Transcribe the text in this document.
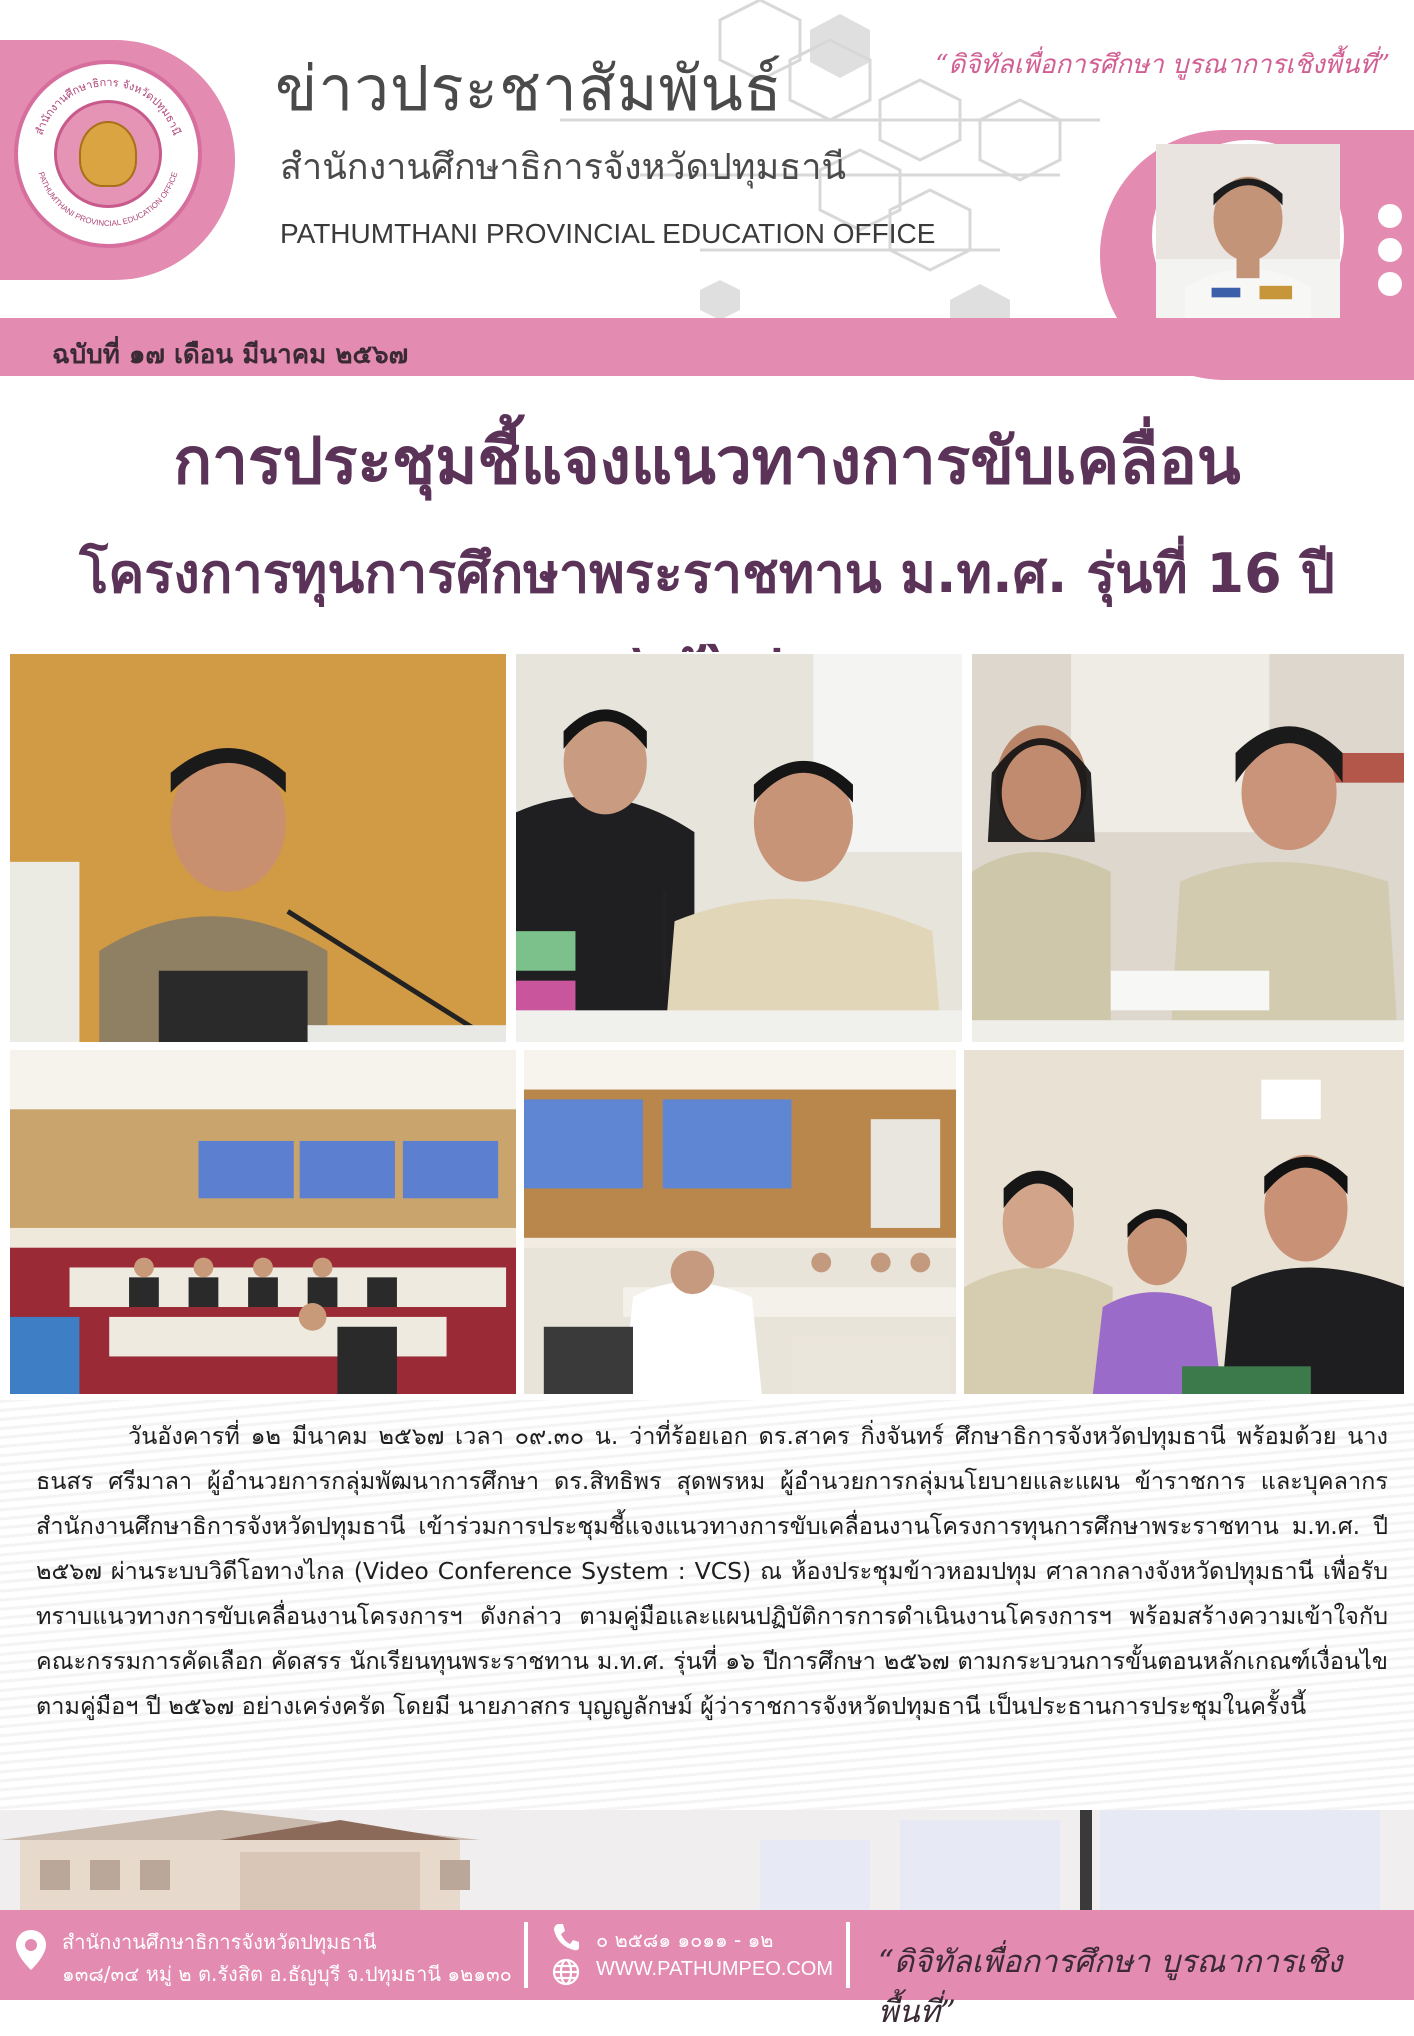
สำนักงานศึกษาธิการ จังหวัดปทุมธานี
PATHUMTHANI PROVINCIAL EDUCATION OFFICE
ข่าวประชาสัมพันธ์
สำนักงานศึกษาธิการจังหวัดปทุมธานี
PATHUMTHANI PROVINCIAL EDUCATION OFFICE
“ดิจิทัลเพื่อการศึกษา บูรณาการเชิงพื้นที่”
ฉบับที่ ๑๗ เดือน มีนาคม ๒๕๖๗
การประชุมชี้แจงแนวทางการขับเคลื่อน
โครงการทุนการศึกษาพระราชทาน ม.ท.ศ. รุ่นที่ 16 ปี

วันอังคารที่ ๑๒ มีนาคม ๒๕๖๗ เวลา ๐๙.๓๐ น. ว่าที่ร้อยเอก ดร.สาคร กิ่งจันทร์ ศึกษาธิการจังหวัดปทุมธานี พร้อมด้วย นางธนสร ศรีมาลา ผู้อำนวยการกลุ่มพัฒนาการศึกษา ดร.สิทธิพร สุดพรหม ผู้อำนวยการกลุ่มนโยบายและแผน ข้าราชการ และบุคลากรสำนักงานศึกษาธิการจังหวัดปทุมธานี เข้าร่วมการประชุมชี้แจงแนวทางการขับเคลื่อนงานโครงการทุนการศึกษาพระราชทาน ม.ท.ศ. ปี ๒๕๖๗ ผ่านระบบวิดีโอทางไกล (Video Conference System : VCS) ณ ห้องประชุมข้าวหอมปทุม ศาลากลางจังหวัดปทุมธานี เพื่อรับทราบแนวทางการขับเคลื่อนงานโครงการฯ ดังกล่าว ตามคู่มือและแผนปฏิบัติการการดำเนินงานโครงการฯ พร้อมสร้างความเข้าใจกับคณะกรรมการคัดเลือก คัดสรร นักเรียนทุนพระราชทาน ม.ท.ศ. รุ่นที่ ๑๖ ปีการศึกษา ๒๕๖๗ ตามกระบวนการขั้นตอนหลักเกณฑ์เงื่อนไขตามคู่มือฯ ปี ๒๕๖๗ อย่างเคร่งครัด โดยมี นายภาสกร บุญญลักษม์ ผู้ว่าราชการจังหวัดปทุมธานี เป็นประธานการประชุมในครั้งนี้

สำนักงานศึกษาธิการจังหวัดปทุมธานี
๑๓๘/๓๔ หมู่ ๒ ต.รังสิต อ.ธัญบุรี จ.ปทุมธานี ๑๒๑๓๐
๐ ๒๕๘๑ ๑๐๑๑ - ๑๒
WWW.PATHUMPEO.COM “ดิจิทัลเพื่อการศึกษา บูรณาการเชิงพื้นที่”
